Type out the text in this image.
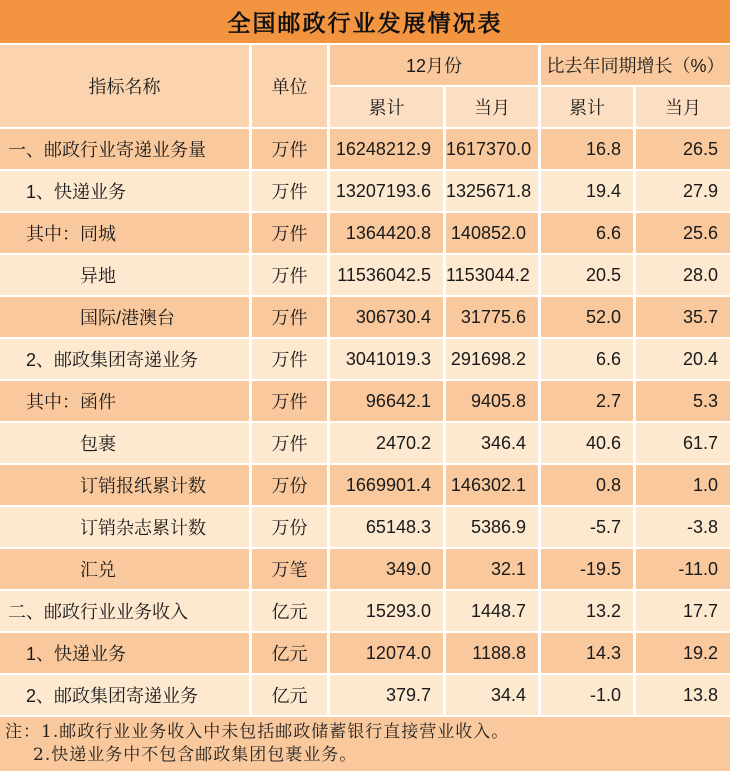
全国邮政行业发展情况表
指标名称	单位	12月份		比去年同期增长（%）	
		累计	当月	累计	当月
一、邮政行业寄递业务量	万件	16248212.9	1617370.0	16.8	26.5
1、快递业务	万件	13207193.6	1325671.8	19.4	27.9
其中：同城	万件	1364420.8	140852.0	6.6	25.6
异地	万件	11536042.5	1153044.2	20.5	28.0
国际/港澳台	万件	306730.4	31775.6	52.0	35.7
2、邮政集团寄递业务	万件	3041019.3	291698.2	6.6	20.4
其中：函件	万件	96642.1	9405.8	2.7	5.3
包裹	万件	2470.2	346.4	40.6	61.7
订销报纸累计数	万份	1669901.4	146302.1	0.8	1.0
订销杂志累计数	万份	65148.3	5386.9	-5.7	-3.8
汇兑	万笔	349.0	32.1	-19.5	-11.0
二、邮政行业业务收入	亿元	15293.0	1448.7	13.2	17.7
1、快递业务	亿元	12074.0	1188.8	14.3	19.2
2、邮政集团寄递业务	亿元	379.7	34.4	-1.0	13.8
注：1.邮政行业业务收入中未包括邮政储蓄银行直接营业收入。
2.快递业务中不包含邮政集团包裹业务。
